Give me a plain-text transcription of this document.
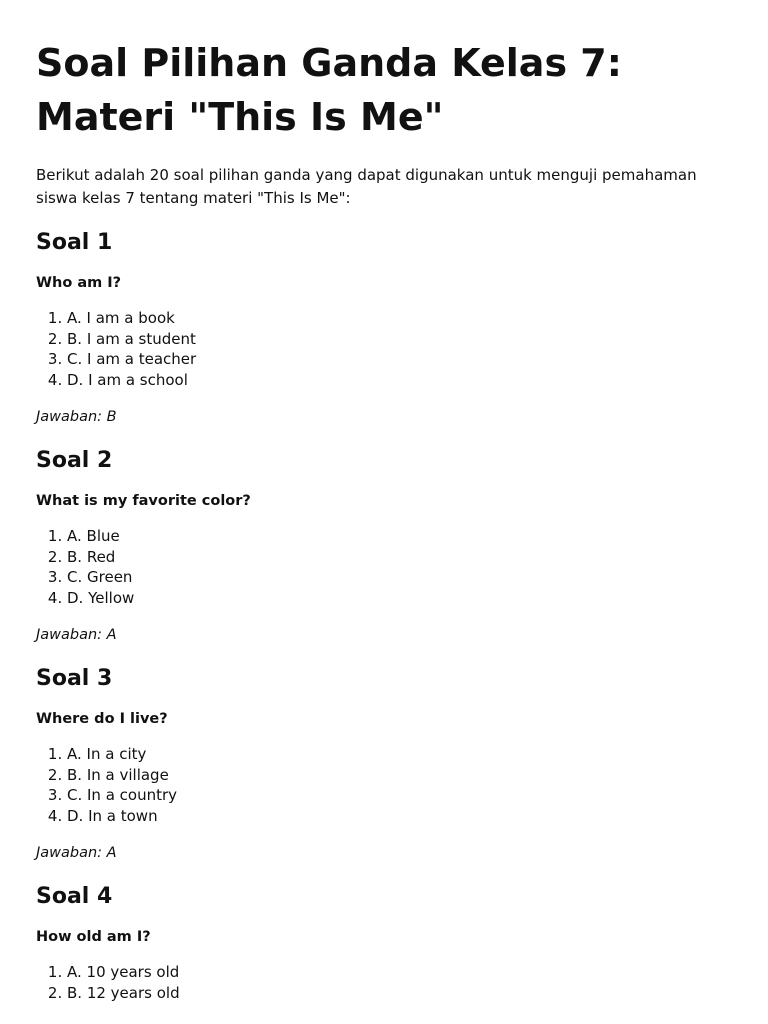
Soal Pilihan Ganda Kelas 7:
Materi "This Is Me"

Berikut adalah 20 soal pilihan ganda yang dapat digunakan untuk menguji pemahaman siswa kelas 7 tentang materi "This Is Me":

Soal 1

Who am I?

1. A. I am a book
2. B. I am a student
3. C. I am a teacher
4. D. I am a school

Jawaban: B

Soal 2

What is my favorite color?

1. A. Blue
2. B. Red
3. C. Green
4. D. Yellow

Jawaban: A

Soal 3

Where do I live?

1. A. In a city
2. B. In a village
3. C. In a country
4. D. In a town

Jawaban: A

Soal 4

How old am I?

1. A. 10 years old
2. B. 12 years old
